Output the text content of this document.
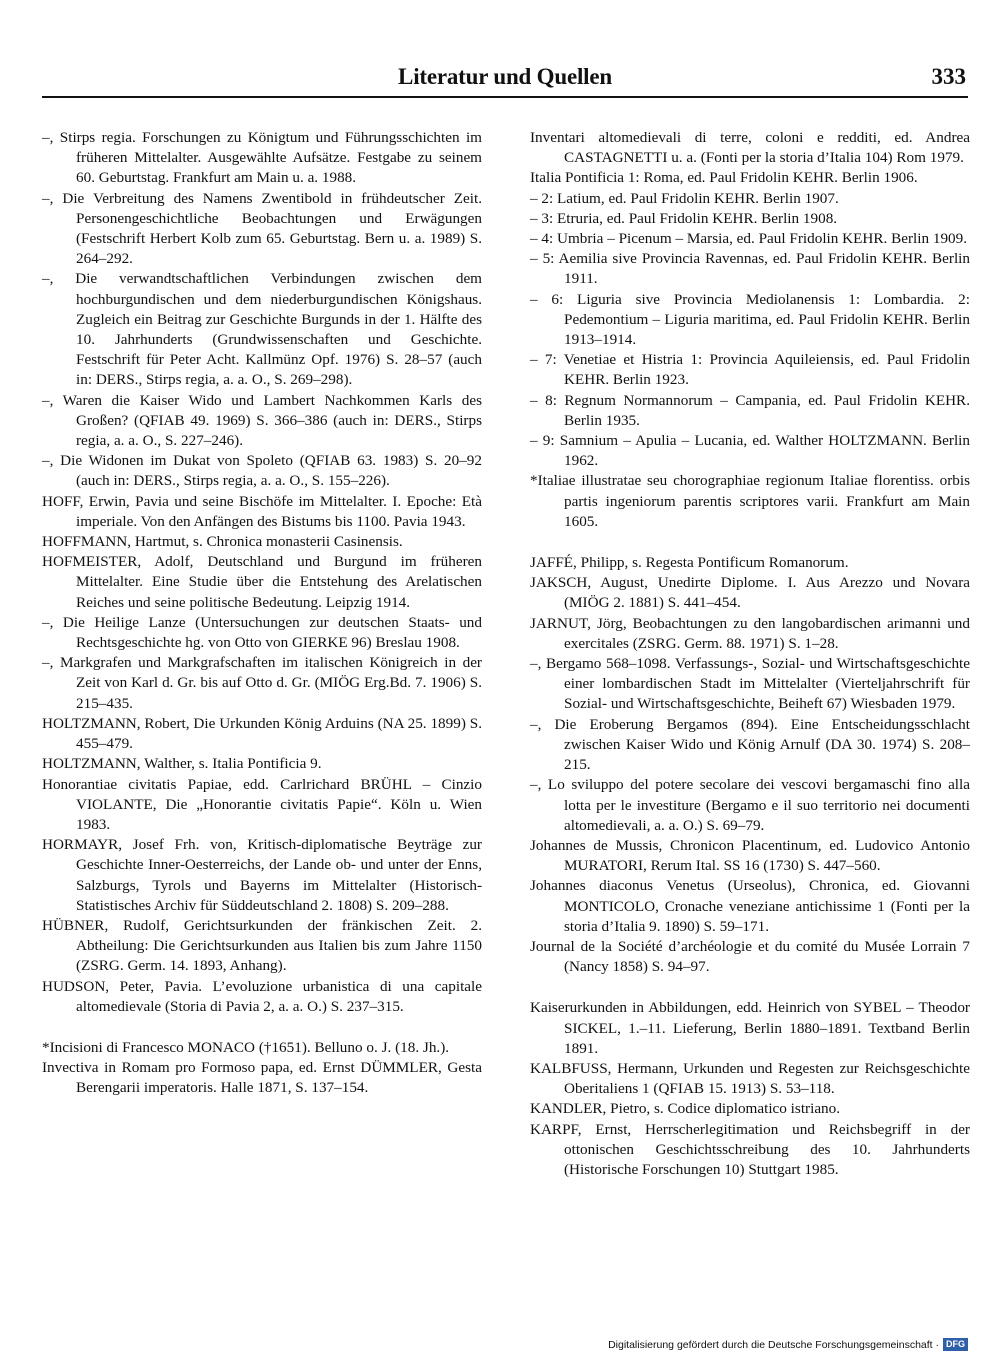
Literatur und Quellen	333

–, Stirps regia. Forschungen zu Königtum und Führungsschichten im früheren Mittelalter. Ausgewählte Aufsätze. Festgabe zu seinem 60. Geburtstag. Frankfurt am Main u. a. 1988.

–, Die Verbreitung des Namens Zwentibold in frühdeutscher Zeit. Personengeschichtliche Beobachtungen und Erwägungen (Festschrift Herbert Kolb zum 65. Geburtstag. Bern u. a. 1989) S. 264–292.

–, Die verwandtschaftlichen Verbindungen zwischen dem hochburgundischen und dem niederburgundischen Königshaus. Zugleich ein Beitrag zur Geschichte Burgunds in der 1. Hälfte des 10. Jahrhunderts (Grundwissenschaften und Geschichte. Festschrift für Peter Acht. Kallmünz Opf. 1976) S. 28–57 (auch in: DERS., Stirps regia, a. a. O., S. 269–298).

–, Waren die Kaiser Wido und Lambert Nachkommen Karls des Großen? (QFIAB 49. 1969) S. 366–386 (auch in: DERS., Stirps regia, a. a. O., S. 227–246).

–, Die Widonen im Dukat von Spoleto (QFIAB 63. 1983) S. 20–92 (auch in: DERS., Stirps regia, a. a. O., S. 155–226).

HOFF, Erwin, Pavia und seine Bischöfe im Mittelalter. I. Epoche: Età imperiale. Von den Anfängen des Bistums bis 1100. Pavia 1943.

HOFFMANN, Hartmut, s. Chronica monasterii Casinensis.

HOFMEISTER, Adolf, Deutschland und Burgund im früheren Mittelalter. Eine Studie über die Entstehung des Arelatischen Reiches und seine politische Bedeutung. Leipzig 1914.

–, Die Heilige Lanze (Untersuchungen zur deutschen Staats- und Rechtsgeschichte hg. von Otto von GIERKE 96) Breslau 1908.

–, Markgrafen und Markgrafschaften im italischen Königreich in der Zeit von Karl d. Gr. bis auf Otto d. Gr. (MIÖG Erg.Bd. 7. 1906) S. 215–435.

HOLTZMANN, Robert, Die Urkunden König Arduins (NA 25. 1899) S. 455–479.

HOLTZMANN, Walther, s. Italia Pontificia 9.

Honorantiae civitatis Papiae, edd. Carlrichard BRÜHL – Cinzio VIOLANTE, Die „Honorantie civitatis Papie“. Köln u. Wien 1983.

HORMAYR, Josef Frh. von, Kritisch-diplomatische Beyträge zur Geschichte Inner-Oesterreichs, der Lande ob- und unter der Enns, Salzburgs, Tyrols und Bayerns im Mittelalter (Historisch-Statistisches Archiv für Süddeutschland 2. 1808) S. 209–288.

HÜBNER, Rudolf, Gerichtsurkunden der fränkischen Zeit. 2. Abtheilung: Die Gerichtsurkunden aus Italien bis zum Jahre 1150 (ZSRG. Germ. 14. 1893, Anhang).

HUDSON, Peter, Pavia. L’evoluzione urbanistica di una capitale altomedievale (Storia di Pavia 2, a. a. O.) S. 237–315.

*Incisioni di Francesco MONACO (†1651). Belluno o. J. (18. Jh.).

Invectiva in Romam pro Formoso papa, ed. Ernst DÜMMLER, Gesta Berengarii imperatoris. Halle 1871, S. 137–154.

Inventari altomedievali di terre, coloni e redditi, ed. Andrea CASTAGNETTI u. a. (Fonti per la storia d’Italia 104) Rom 1979.

Italia Pontificia 1: Roma, ed. Paul Fridolin KEHR. Berlin 1906.

– 2: Latium, ed. Paul Fridolin KEHR. Berlin 1907.

– 3: Etruria, ed. Paul Fridolin KEHR. Berlin 1908.

– 4: Umbria – Picenum – Marsia, ed. Paul Fridolin KEHR. Berlin 1909.

– 5: Aemilia sive Provincia Ravennas, ed. Paul Fridolin KEHR. Berlin 1911.

– 6: Liguria sive Provincia Mediolanensis 1: Lombardia. 2: Pedemontium – Liguria maritima, ed. Paul Fridolin KEHR. Berlin 1913–1914.

– 7: Venetiae et Histria 1: Provincia Aquileiensis, ed. Paul Fridolin KEHR. Berlin 1923.

– 8: Regnum Normannorum – Campania, ed. Paul Fridolin KEHR. Berlin 1935.

– 9: Samnium – Apulia – Lucania, ed. Walther HOLTZMANN. Berlin 1962.

*Italiae illustratae seu chorographiae regionum Italiae florentiss. orbis partis ingeniorum parentis scriptores varii. Frankfurt am Main 1605.

JAFFÉ, Philipp, s. Regesta Pontificum Romanorum.

JAKSCH, August, Unedirte Diplome. I. Aus Arezzo und Novara (MIÖG 2. 1881) S. 441–454.

JARNUT, Jörg, Beobachtungen zu den langobardischen arimanni und exercitales (ZSRG. Germ. 88. 1971) S. 1–28.

–, Bergamo 568–1098. Verfassungs-, Sozial- und Wirtschaftsgeschichte einer lombardischen Stadt im Mittelalter (Vierteljahrschrift für Sozial- und Wirtschaftsgeschichte, Beiheft 67) Wiesbaden 1979.

–, Die Eroberung Bergamos (894). Eine Entscheidungsschlacht zwischen Kaiser Wido und König Arnulf (DA 30. 1974) S. 208–215.

–, Lo sviluppo del potere secolare dei vescovi bergamaschi fino alla lotta per le investiture (Bergamo e il suo territorio nei documenti altomedievali, a. a. O.) S. 69–79.

Johannes de Mussis, Chronicon Placentinum, ed. Ludovico Antonio MURATORI, Rerum Ital. SS 16 (1730) S. 447–560.

Johannes diaconus Venetus (Urseolus), Chronica, ed. Giovanni MONTICOLO, Cronache veneziane antichissime 1 (Fonti per la storia d’Italia 9. 1890) S. 59–171.

Journal de la Société d’archéologie et du comité du Musée Lorrain 7 (Nancy 1858) S. 94–97.

Kaiserurkunden in Abbildungen, edd. Heinrich von SYBEL – Theodor SICKEL, 1.–11. Lieferung, Berlin 1880–1891. Textband Berlin 1891.

KALBFUSS, Hermann, Urkunden und Regesten zur Reichsgeschichte Oberitaliens 1 (QFIAB 15. 1913) S. 53–118.

KANDLER, Pietro, s. Codice diplomatico istriano.

KARPF, Ernst, Herrscherlegitimation und Reichsbegriff in der ottonischen Geschichtsschreibung des 10. Jahrhunderts (Historische Forschungen 10) Stuttgart 1985.

Digitalisierung gefördert durch die Deutsche Forschungsgemeinschaft · DFG
